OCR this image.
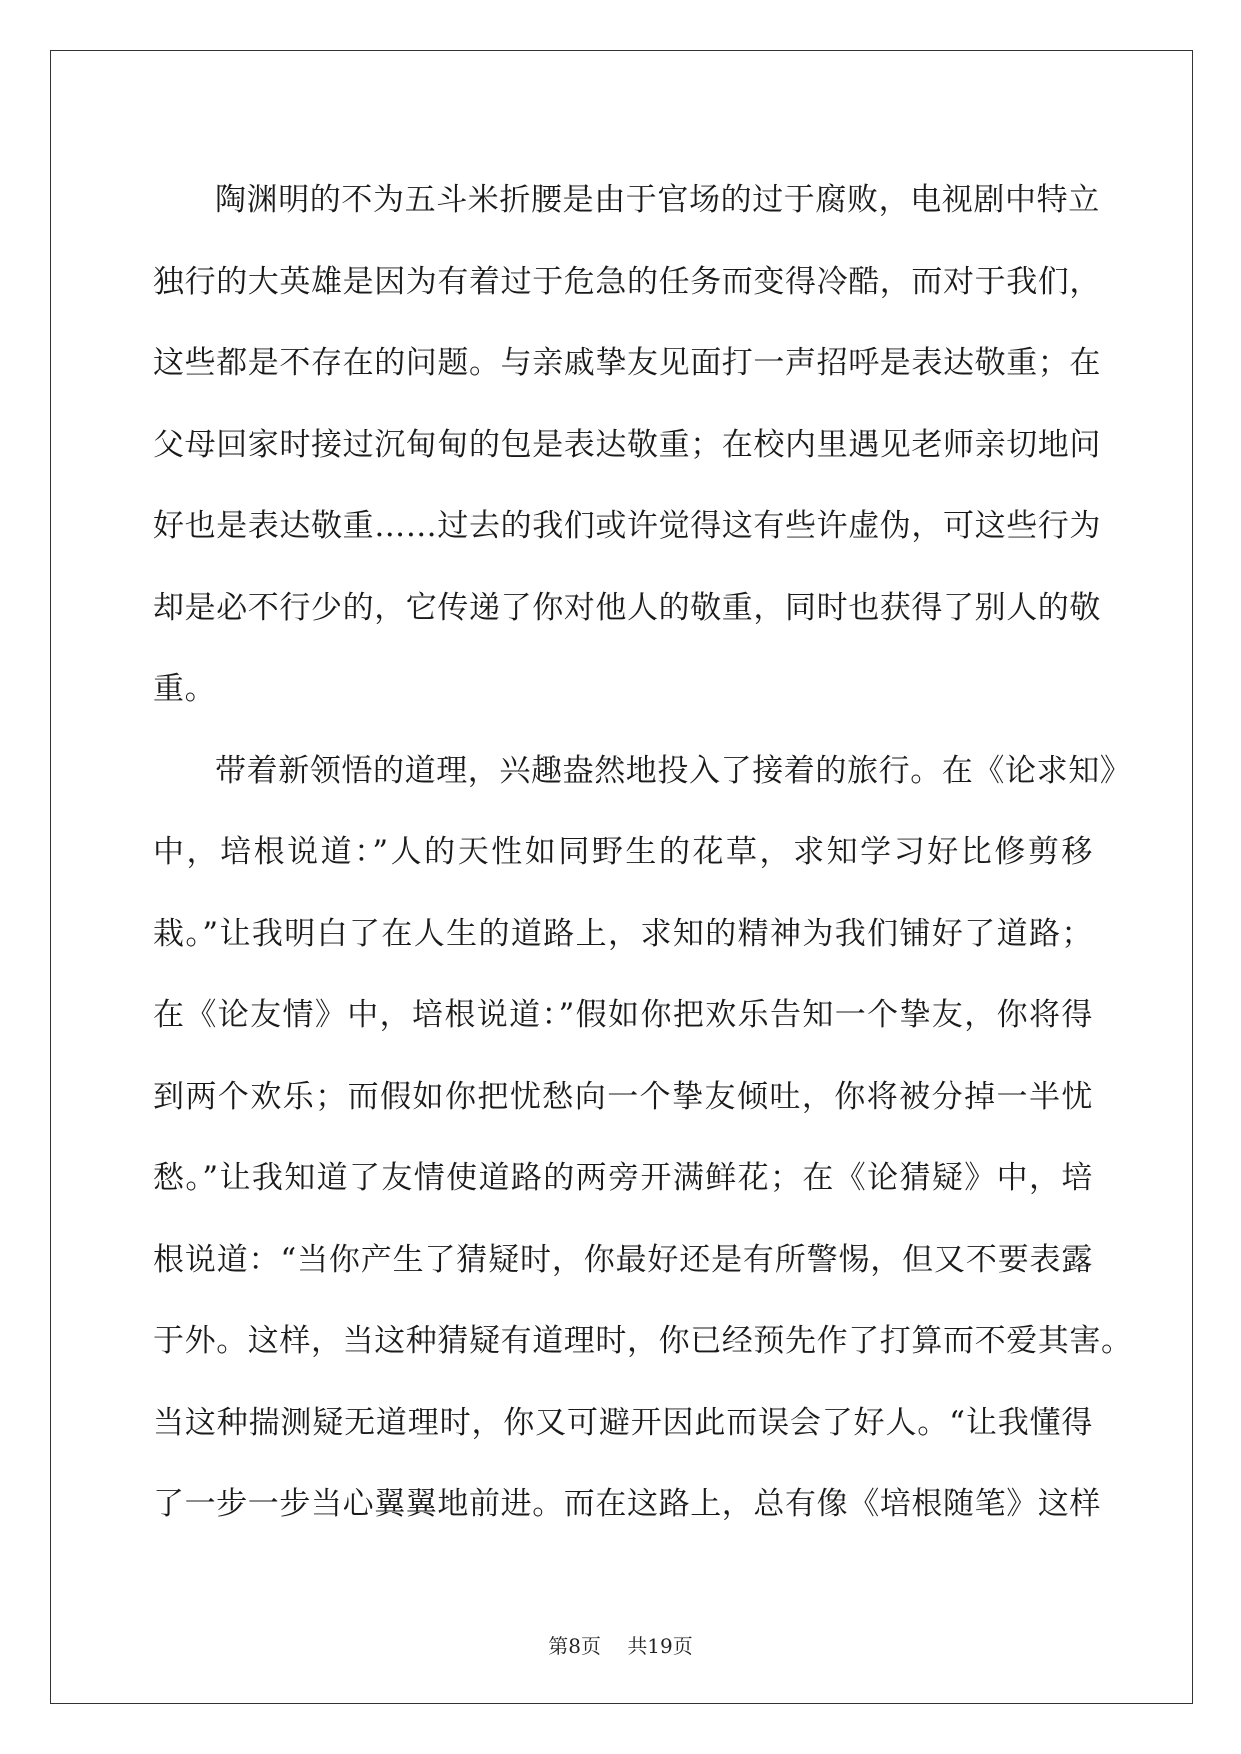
陶渊明的不为五斗米折腰是由于官场的过于腐败，电视剧中特立
独行的大英雄是因为有着过于危急的任务而变得冷酷，而对于我们，
这些都是不存在的问题。与亲戚挚友见面打一声招呼是表达敬重；在
父母回家时接过沉甸甸的包是表达敬重；在校内里遇见老师亲切地问
好也是表达敬重……过去的我们或许觉得这有些许虚伪，可这些行为
却是必不行少的，它传递了你对他人的敬重，同时也获得了别人的敬
重。
带着新领悟的道理，兴趣盎然地投入了接着的旅行。在《论求知》
中，培根说道：”人的天性如同野生的花草，求知学习好比修剪移
栽。”让我明白了在人生的道路上，求知的精神为我们铺好了道路；
在《论友情》中，培根说道：”假如你把欢乐告知一个挚友，你将得
到两个欢乐；而假如你把忧愁向一个挚友倾吐，你将被分掉一半忧
愁。”让我知道了友情使道路的两旁开满鲜花；在《论猜疑》中，培
根说道：“当你产生了猜疑时，你最好还是有所警惕，但又不要表露
于外。这样，当这种猜疑有道理时，你已经预先作了打算而不爱其害。
当这种揣测疑无道理时，你又可避开因此而误会了好人。“让我懂得
了一步一步当心翼翼地前进。而在这路上，总有像《培根随笔》这样
第8页 共19页
